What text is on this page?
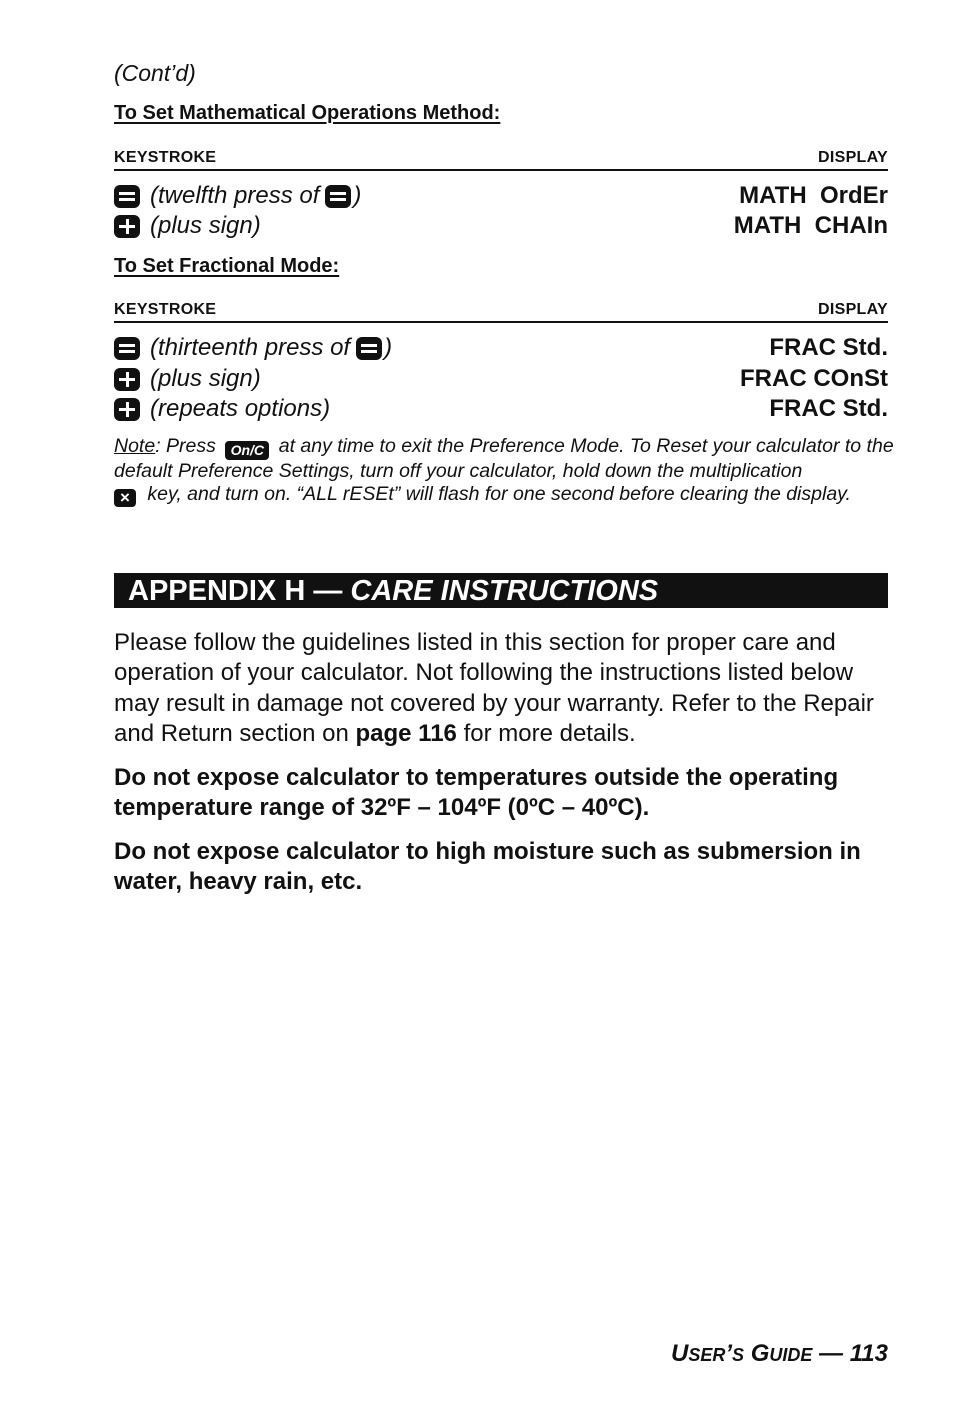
(Cont’d)
To Set Mathematical Operations Method:
KEYSTROKE	DISPLAY
(twelfth press of )	MATH  OrdEr
(plus sign)	MATH  CHAIn
To Set Fractional Mode:
KEYSTROKE	DISPLAY
(thirteenth press of )	FRAC Std.
(plus sign)	FRAC COnSt
(repeats options)	FRAC Std.
Note: Press On/C at any time to exit the Preference Mode. To Reset your calculator to the default Preference Settings, turn off your calculator, hold down the multiplication
× key, and turn on. “ALL rESEt” will flash for one second before clearing the display.
APPENDIX H — CARE INSTRUCTIONS
Please follow the guidelines listed in this section for proper care and operation of your calculator. Not following the instructions listed below may result in damage not covered by your warranty. Refer to the Repair and Return section on page 116 for more details.
Do not expose calculator to temperatures outside the operating temperature range of 32ºF – 104ºF (0ºC – 40ºC).
Do not expose calculator to high moisture such as submersion in water, heavy rain, etc.
USER’S GUIDE — 113
